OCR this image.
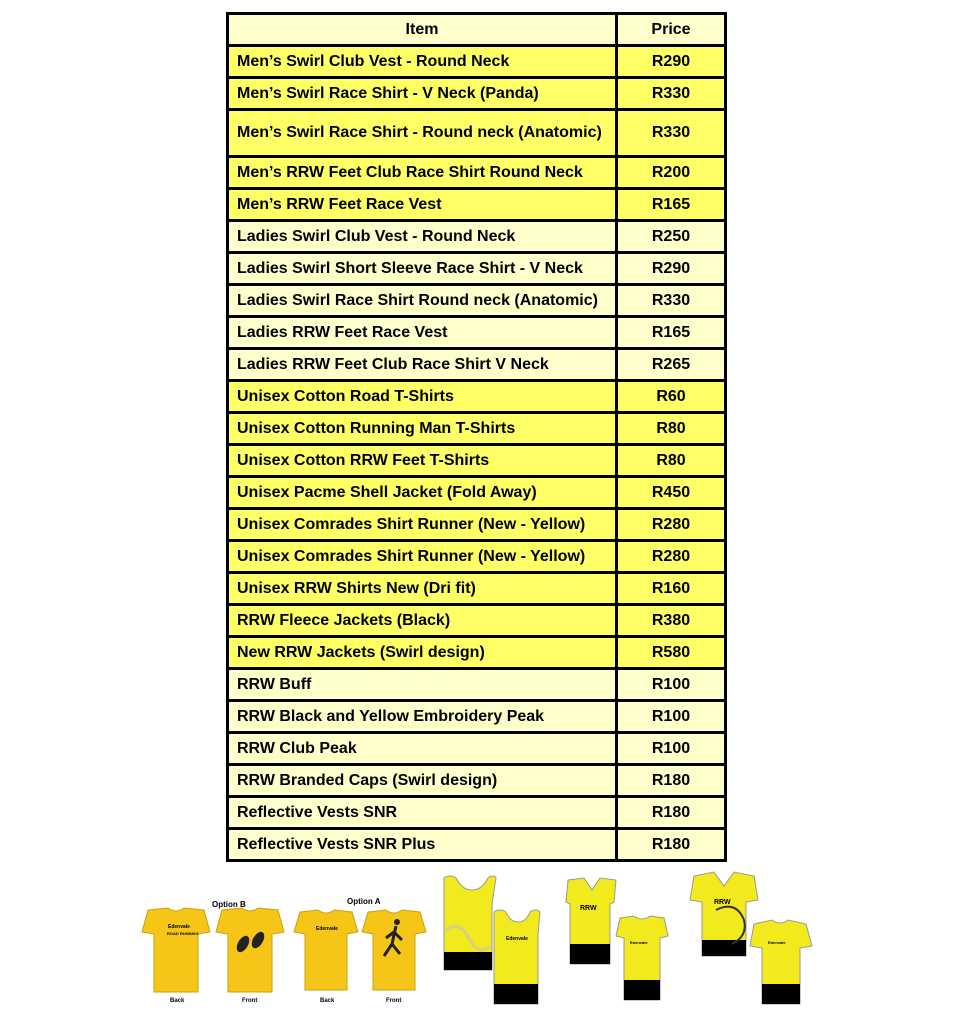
Item	Price
Men’s Swirl Club Vest - Round Neck	R290
Men’s Swirl Race Shirt - V Neck (Panda)	R330
Men’s Swirl Race Shirt - Round neck (Anatomic)	R330
Men’s RRW Feet Club Race Shirt Round Neck	R200
Men’s RRW Feet Race Vest	R165
Ladies Swirl Club Vest - Round Neck	R250
Ladies Swirl Short Sleeve Race Shirt - V Neck	R290
Ladies Swirl Race Shirt Round neck (Anatomic)	R330
Ladies RRW Feet Race Vest	R165
Ladies RRW Feet Club Race Shirt V Neck	R265
Unisex Cotton Road T-Shirts	R60
Unisex Cotton Running Man T-Shirts	R80
Unisex Cotton RRW Feet T-Shirts	R80
Unisex Pacme Shell Jacket (Fold Away)	R450
Unisex Comrades Shirt Runner (New - Yellow)	R280
Unisex Comrades Shirt Runner (New - Yellow)	R280
Unisex RRW Shirts New (Dri fit)	R160
RRW Fleece Jackets (Black)	R380
New RRW Jackets (Swirl design)	R580
RRW Buff	R100
RRW Black and Yellow Embroidery Peak	R100
RRW Club Peak	R100
RRW Branded Caps (Swirl design)	R180
Reflective Vests SNR	R180
Reflective Vests SNR Plus	R180
Option B
Edenvale
ROAD RUNNING
Back	Front
Option A
Edenvale
Back	Front
Edenvale
RRW
Edenvale
RRW
Edenvale
